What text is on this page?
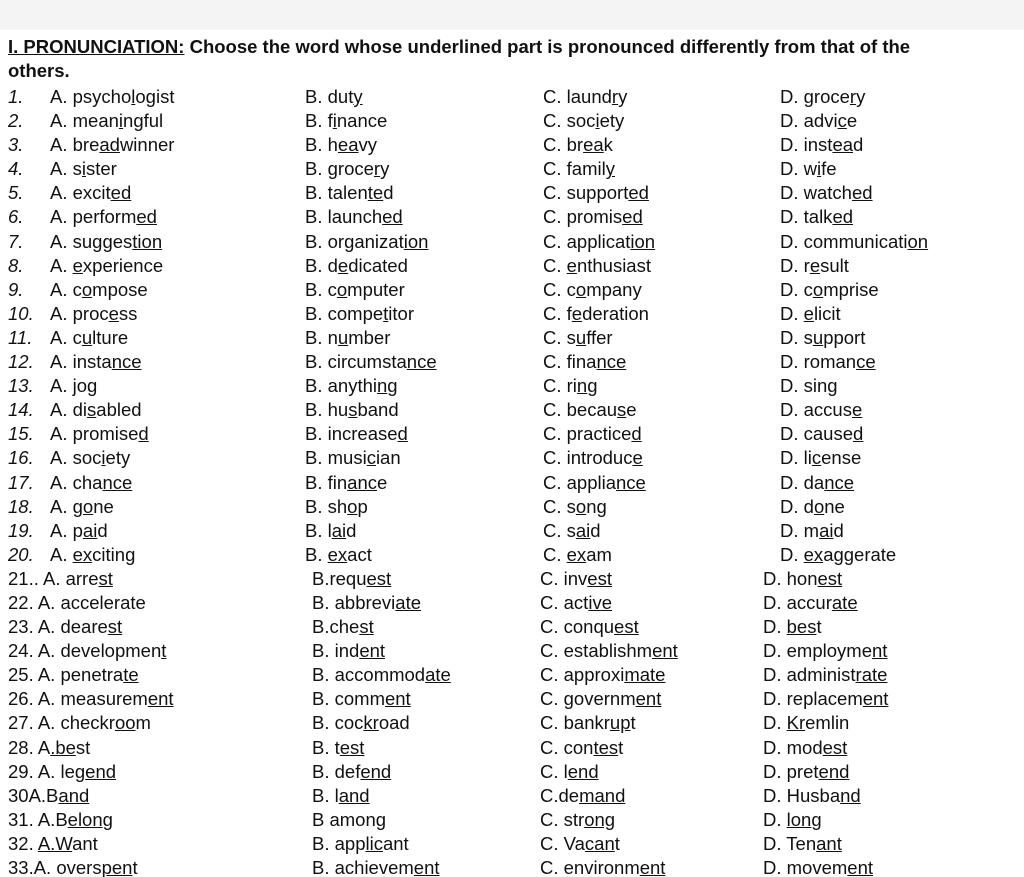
I. PRONUNCIATION: Choose the word whose underlined part is pronounced differently from that of the
others.
1. A. psychologist	B. duty	C. laundry	D. grocery
2. A. meaningful	B. finance	C. society	D. advice
3. A. breadwinner	B. heavy	C. break	D. instead
4. A. sister	B. grocery	C. family	D. wife
5. A. excited	B. talented	C. supported	D. watched
6. A. performed	B. launched	C. promised	D. talked
7. A. suggestion	B. organization	C. application	D. communication
8. A. experience	B. dedicated	C. enthusiast	D. result
9. A. compose	B. computer	C. company	D. comprise
10. A. process	B. competitor	C. federation	D. elicit
11. A. culture	B. number	C. suffer	D. support
12. A. instance	B. circumstance	C. finance	D. romance
13. A. jog	B. anything	C. ring	D. sing
14. A. disabled	B. husband	C. because	D. accuse
15. A. promised	B. increased	C. practiced	D. caused
16. A. society	B. musician	C. introduce	D. license
17. A. chance	B. finance	C. appliance	D. dance
18. A. gone	B. shop	C. song	D. done
19. A. paid	B. laid	C. said	D. maid
20. A. exciting	B. exact	C. exam	D. exaggerate
21.. A. arrest	B.request	C. invest	D. honest
22. A. accelerate	B. abbreviate	C. active	D. accurate
23. A. dearest	B.chest	C. conquest	D. best
24. A. development	B. indent	C. establishment	D. employment
25. A. penetrate	B. accommodate	C. approximate	D. administrate
26. A. measurement	B. comment	C. government	D. replacement
27. A. checkroom	B. cockroad	C. bankrupt	D. Kremlin
28. A.best	B. test	C. contest	D. modest
29. A. legend	B. defend	C. lend	D. pretend
30A.Band	B. land	C.demand	D. Husband
31. A.Belong	B among	C. strong	D. long
32. A.Want	B. applicant	C. Vacant	D. Tenant
33.A. overspent	B. achievement	C. environment	D. movement
